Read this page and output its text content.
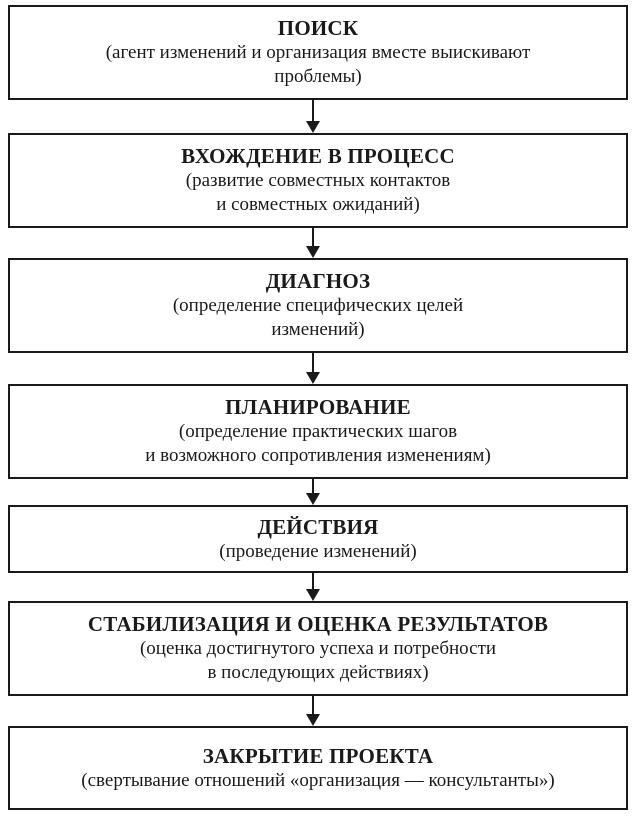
ПОИСК
(агент изменений и организация вместе выискивают
проблемы)
ВХОЖДЕНИЕ В ПРОЦЕСС
(развитие совместных контактов
и совместных ожиданий)
ДИАГНОЗ
(определение специфических целей
изменений)
ПЛАНИРОВАНИЕ
(определение практических шагов
и возможного сопротивления изменениям)
ДЕЙСТВИЯ
(проведение изменений)
СТАБИЛИЗАЦИЯ И ОЦЕНКА РЕЗУЛЬТАТОВ
(оценка достигнутого успеха и потребности
в последующих действиях)
ЗАКРЫТИЕ ПРОЕКТА
(свертывание отношений «организация — консультанты»)
